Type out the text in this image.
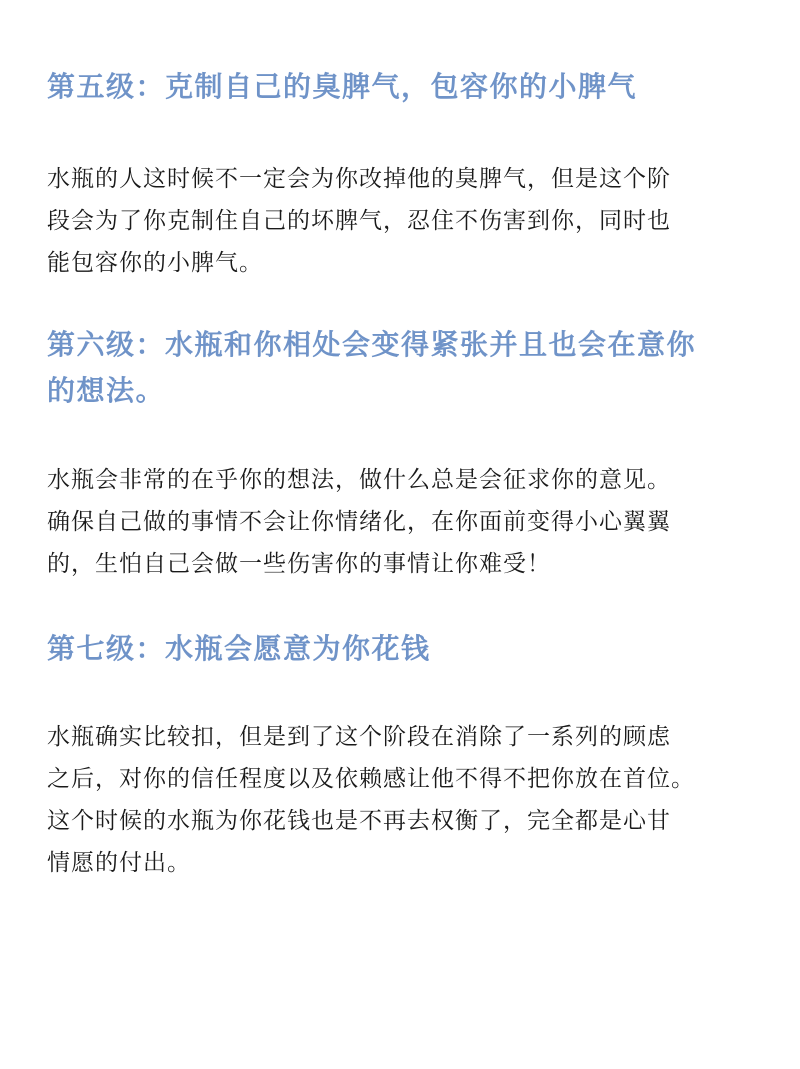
第五级：克制自己的臭脾气，包容你的小脾气

水瓶的人这时候不一定会为你改掉他的臭脾气，但是这个阶
段会为了你克制住自己的坏脾气，忍住不伤害到你，同时也
能包容你的小脾气。

第六级：水瓶和你相处会变得紧张并且也会在意你
的想法。

水瓶会非常的在乎你的想法，做什么总是会征求你的意见。
确保自己做的事情不会让你情绪化，在你面前变得小心翼翼
的，生怕自己会做一些伤害你的事情让你难受！

第七级：水瓶会愿意为你花钱

水瓶确实比较扣，但是到了这个阶段在消除了一系列的顾虑
之后，对你的信任程度以及依赖感让他不得不把你放在首位。
这个时候的水瓶为你花钱也是不再去权衡了，完全都是心甘
情愿的付出。
